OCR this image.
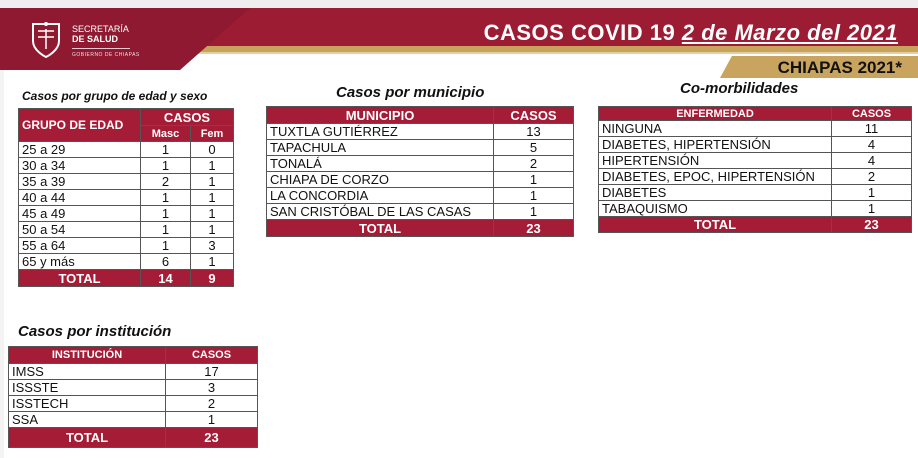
CASOS COVID 19 2 de Marzo del 2021
SECRETARÍA
DE SALUD
GOBIERNO DE CHIAPAS
CHIAPAS 2021*
Casos por grupo de edad y sexo
GRUPO DE EDAD	CASOS	
	Masc	Fem
25 a 29	1	0
30 a 34	1	1
35 a 39	2	1
40 a 44	1	1
45 a 49	1	1
50 a 54	1	1
55 a 64	1	3
65 y más	6	1
TOTAL	14	9
Casos por municipio
MUNICIPIO	CASOS
TUXTLA GUTIÉRREZ	13
TAPACHULA	5
TONALÁ	2
CHIAPA DE CORZO	1
LA CONCORDIA	1
SAN CRISTÓBAL DE LAS CASAS	1
TOTAL	23
Co-morbilidades
ENFERMEDAD	CASOS
NINGUNA	11
DIABETES, HIPERTENSIÓN	4
HIPERTENSIÓN	4
DIABETES, EPOC, HIPERTENSIÓN	2
DIABETES	1
TABAQUISMO	1
TOTAL	23
Casos por institución
INSTITUCIÓN	CASOS
IMSS	17
ISSSTE	3
ISSTECH	2
SSA	1
TOTAL	23
